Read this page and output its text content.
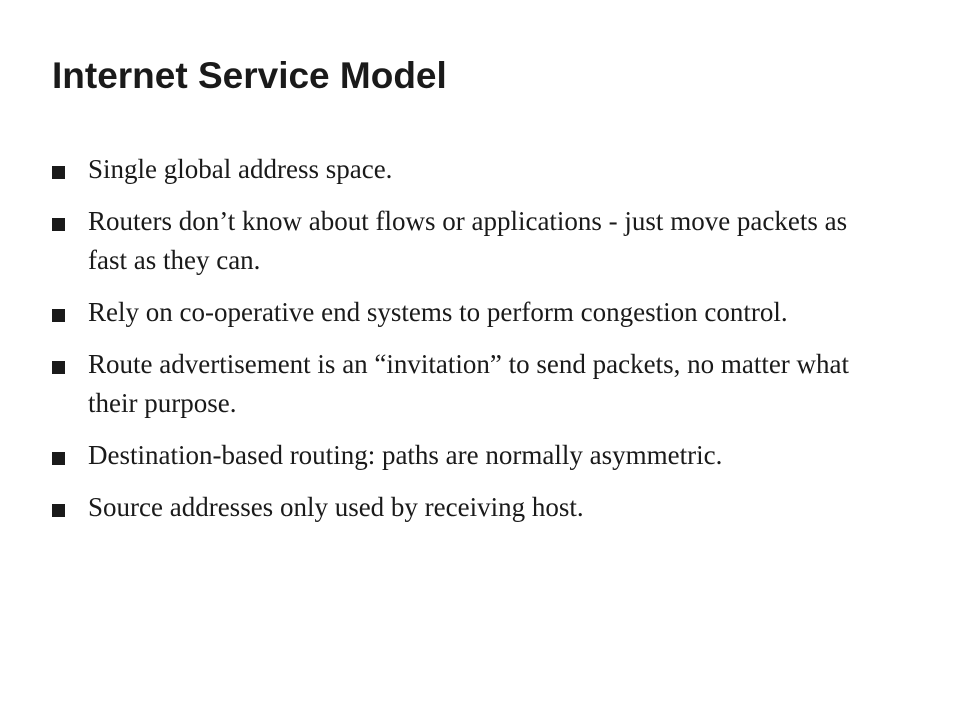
Internet Service Model
Single global address space.
Routers don’t know about flows or applications - just move packets as fast as they can.
Rely on co-operative end systems to perform congestion control.
Route advertisement is an “invitation” to send packets, no matter what their purpose.
Destination-based routing: paths are normally asymmetric.
Source addresses only used by receiving host.
